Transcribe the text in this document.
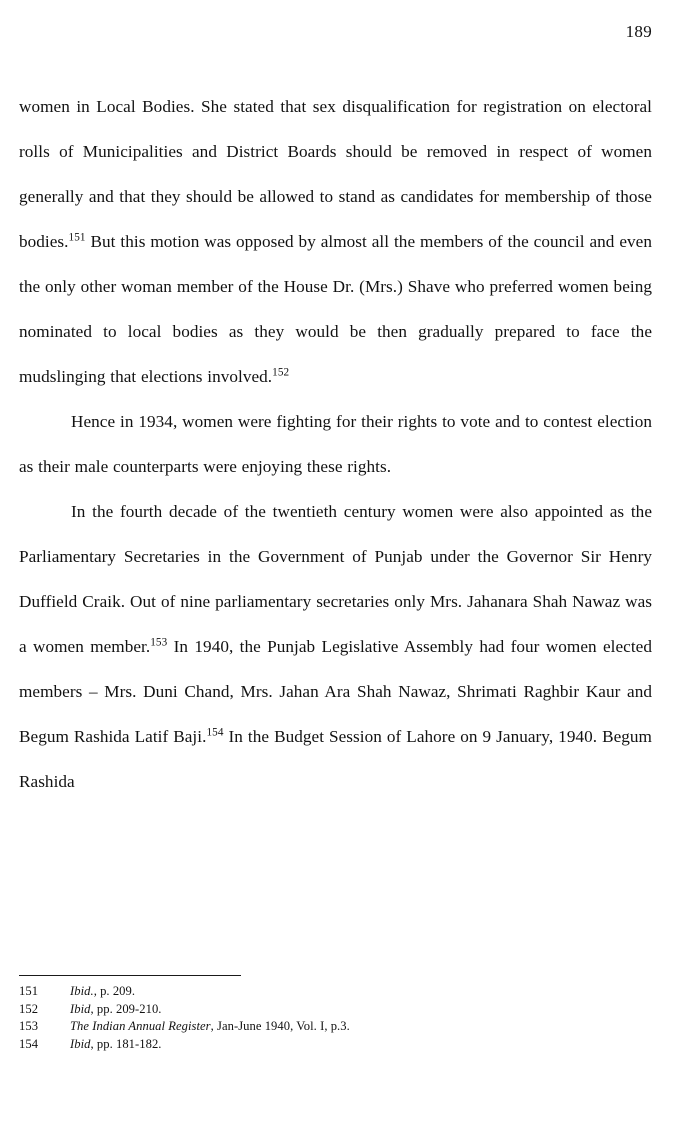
189

women in Local Bodies. She stated that sex disqualification for registration on electoral rolls of Municipalities and District Boards should be removed in respect of women generally and that they should be allowed to stand as candidates for membership of those bodies.$^{151}$ But this motion was opposed by almost all the members of the council and even the only other woman member of the House Dr. (Mrs.) Shave who preferred women being nominated to local bodies as they would be then gradually prepared to face the mudslinging that elections involved.$^{152}$

Hence in 1934, women were fighting for their rights to vote and to contest election as their male counterparts were enjoying these rights.

In the fourth decade of the twentieth century women were also appointed as the Parliamentary Secretaries in the Government of Punjab under the Governor Sir Henry Duffield Craik. Out of nine parliamentary secretaries only Mrs. Jahanara Shah Nawaz was a women member.$^{153}$ In 1940, the Punjab Legislative Assembly had four women elected members – Mrs. Duni Chand, Mrs. Jahan Ara Shah Nawaz, Shrimati Raghbir Kaur and Begum Rashida Latif Baji.$^{154}$ In the Budget Session of Lahore on 9 January, 1940. Begum Rashida

151	Ibid., p. 209.
152	Ibid, pp. 209-210.
153	The Indian Annual Register, Jan-June 1940, Vol. I, p.3.
154	Ibid, pp. 181-182.
